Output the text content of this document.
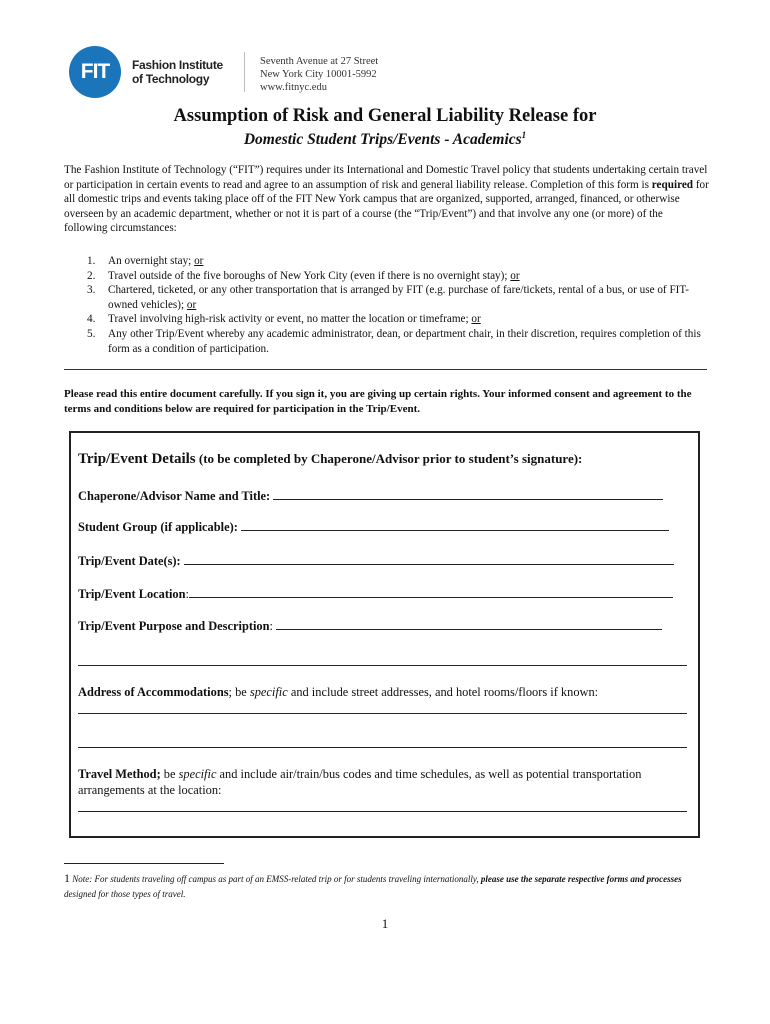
FIT	Fashion Institute
of Technology
Seventh Avenue at 27 Street
New York City 10001-5992
www.fitnyc.edu
Assumption of Risk and General Liability Release for
Domestic Student Trips/Events - Academics$^1$
The Fashion Institute of Technology (“FIT”) requires under its International and Domestic Travel policy that students undertaking certain travel or participation in certain events to read and agree to an assumption of risk and general liability release. Completion of this form is required for all domestic trips and events taking place off of the FIT New York campus that are organized, supported, arranged, financed, or otherwise overseen by an academic department, whether or not it is part of a course (the “Trip/Event”) and that involve any one (or more) of the following circumstances:
1. An overnight stay; or
2. Travel outside of the five boroughs of New York City (even if there is no overnight stay); or
3. Chartered, ticketed, or any other transportation that is arranged by FIT (e.g. purchase of fare/tickets, rental of a bus, or use of FIT-owned vehicles); or
4. Travel involving high-risk activity or event, no matter the location or timeframe; or
5. Any other Trip/Event whereby any academic administrator, dean, or department chair, in their discretion, requires completion of this form as a condition of participation.
Please read this entire document carefully. If you sign it, you are giving up certain rights. Your informed consent and agreement to the terms and conditions below are required for participation in the Trip/Event.
Trip/Event Details (to be completed by Chaperone/Advisor prior to student’s signature):
Chaperone/Advisor Name and Title:
Student Group (if applicable):
Trip/Event Date(s):
Trip/Event Location:
Trip/Event Purpose and Description:
Address of Accommodations; be specific and include street addresses, and hotel rooms/floors if known:
Travel Method; be specific and include air/train/bus codes and time schedules, as well as potential transportation arrangements at the location:
1 Note: For students traveling off campus as part of an EMSS-related trip or for students traveling internationally, please use the separate respective forms and processes designed for those types of travel.
1
